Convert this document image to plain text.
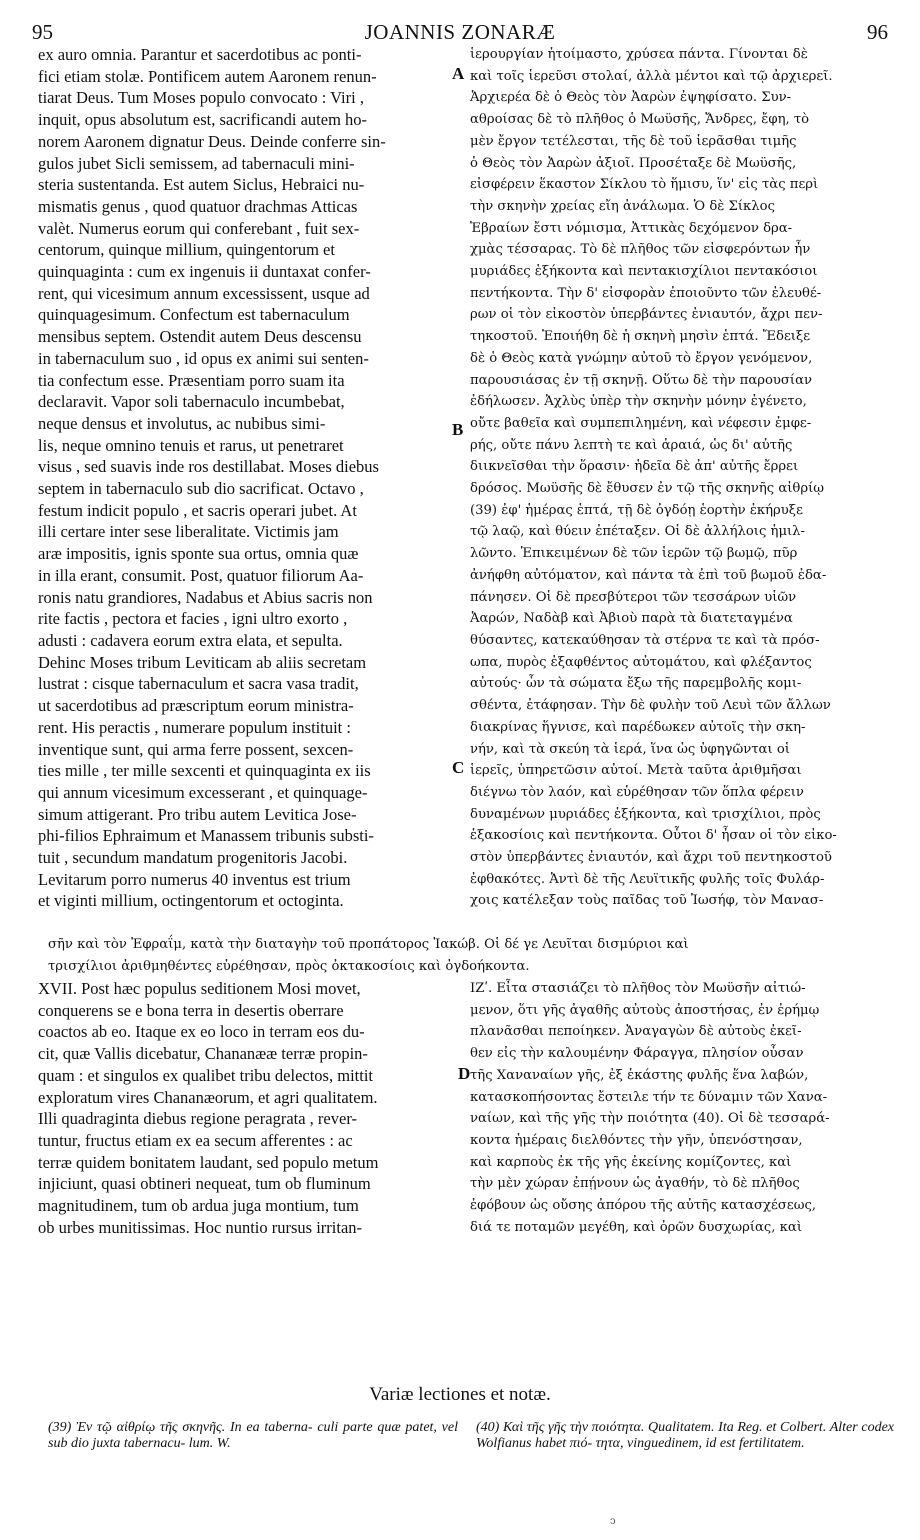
95	JOANNIS ZONARÆ	96

ex auro omnia. Parantur et sacerdotibus ac ponti-

fici etiam stolæ. Pontificem autem Aaronem renun-

tiarat Deus. Tum Moses populo convocato : Viri ,

inquit, opus absolutum est, sacrificandi autem ho-

norem Aaronem dignatur Deus. Deinde conferre sin-

gulos jubet Sicli semissem, ad tabernaculi mini-

steria sustentanda. Est autem Siclus, Hebraici nu-

mismatis genus , quod quatuor drachmas Atticas

valèt. Numerus eorum qui conferebant , fuit sex-

centorum, quinque millium, quingentorum et

quinquaginta : cum ex ingenuis ii duntaxat confer-

rent, qui vicesimum annum excessissent, usque ad

quinquagesimum. Confectum est tabernaculum

mensibus septem. Ostendit autem Deus descensu

in tabernaculum suo , id opus ex animi sui senten-

tia confectum esse. Præsentiam porro suam ita

declaravit. Vapor soli tabernaculo incumbebat,

neque densus et involutus, ac nubibus simi-

lis, neque omnino tenuis et rarus, ut penetraret

visus , sed suavis inde ros destillabat. Moses diebus

septem in tabernaculo sub dio sacrificat. Octavo ,

festum indicit populo , et sacris operari jubet. At

illi certare inter sese liberalitate. Victimis jam

aræ impositis, ignis sponte sua ortus, omnia quæ

in illa erant, consumit. Post, quatuor filiorum Aa-

ronis natu grandiores, Nadabus et Abius sacris non

rite factis , pectora et facies , igni ultro exorto ,

adusti : cadavera eorum extra elata, et sepulta.

Dehinc Moses tribum Leviticam ab aliis secretam

lustrat : cisque tabernaculum et sacra vasa tradit,

ut sacerdotibus ad præscriptum eorum ministra-

rent. His peractis , numerare populum instituit :

inventique sunt, qui arma ferre possent, sexcen-

ties mille , ter mille sexcenti et quinquaginta ex iis

qui annum vicesimum excesserant , et quinquage-

simum attigerant. Pro tribu autem Levitica Jose-

phi-filios Ephraimum et Manassem tribunis substi-

tuit , secundum mandatum progenitoris Jacobi.

Levitarum porro numerus 40 inventus est trium

et viginti millium, octingentorum et octoginta.

ἱερουργίαν ἡτοίμαστο, χρύσεα πάντα. Γίνονται δὲ

καὶ τοῖς ἱερεῦσι στολαί, ἀλλὰ μέντοι καὶ τῷ ἀρχιερεῖ.

Ἀρχιερέα δὲ ὁ Θεὸς τὸν Ἀαρὼν ἐψηφίσατο. Συν-

αθροίσας δὲ τὸ πλῆθος ὁ Μωϋσῆς, Ἄνδρες, ἔφη, τὸ

μὲν ἔργον τετέλεσται, τῆς δὲ τοῦ ἱερᾶσθαι τιμῆς

ὁ Θεὸς τὸν Ἀαρὼν ἀξιοῖ. Προσέταξε δὲ Μωϋσῆς,

εἰσφέρειν ἕκαστον Σίκλου τὸ ἥμισυ, ἵν' εἰς τὰς περὶ

τὴν σκηνὴν χρείας εἴη ἀνάλωμα. Ὁ δὲ Σίκλος

Ἑβραίων ἔστι νόμισμα, Ἀττικὰς δεχόμενον δρα-

χμὰς τέσσαρας. Τὸ δὲ πλῆθος τῶν εἰσφερόντων ἦν

μυριάδες ἑξήκοντα καὶ πεντακισχίλιοι πεντακόσιοι

πεντήκοντα. Τὴν δ' εἰσφορὰν ἐποιοῦντο τῶν ἐλευθέ-

ρων οἱ τὸν εἰκοστὸν ὑπερβάντες ἐνιαυτόν, ἄχρι πεν-

τηκοστοῦ. Ἐποιήθη δὲ ἡ σκηνὴ μησὶν ἑπτά. Ἔδειξε

δὲ ὁ Θεὸς κατὰ γνώμην αὐτοῦ τὸ ἔργον γενόμενον,

παρουσιάσας ἐν τῇ σκηνῇ. Οὕτω δὲ τὴν παρουσίαν

ἐδήλωσεν. Ἀχλὺς ὑπὲρ τὴν σκηνὴν μόνην ἐγένετο,

οὔτε βαθεῖα καὶ συμπεπιλημένη, καὶ νέφεσιν ἐμφε-

ρής, οὔτε πάνυ λεπτὴ τε καὶ ἀραιά, ὡς δι' αὐτῆς

διικνεῖσθαι τὴν ὅρασιν· ἡδεῖα δὲ ἀπ' αὐτῆς ἔρρει

δρόσος. Μωϋσῆς δὲ ἔθυσεν ἐν τῷ τῆς σκηνῆς αἰθρίῳ

(39) ἐφ' ἡμέρας ἑπτά, τῇ δὲ ὀγδόῃ ἑορτὴν ἐκήρυξε

τῷ λαῷ, καὶ θύειν ἐπέταξεν. Οἱ δὲ ἀλλήλοις ἡμιλ-

λῶντο. Ἐπικειμένων δὲ τῶν ἱερῶν τῷ βωμῷ, πῦρ

ἀνήφθη αὐτόματον, καὶ πάντα τὰ ἐπὶ τοῦ βωμοῦ ἐδα-

πάνησεν. Οἱ δὲ πρεσβύτεροι τῶν τεσσάρων υἱῶν

Ἀαρών, Ναδὰβ καὶ Ἀβιοὺ παρὰ τὰ διατεταγμένα

θύσαντες, κατεκαύθησαν τὰ στέρνα τε καὶ τὰ πρόσ-

ωπα, πυρὸς ἐξαφθέντος αὐτομάτου, καὶ φλέξαντος

αὐτούς· ὧν τὰ σώματα ἔξω τῆς παρεμβολῆς κομι-

σθέντα, ἐτάφησαν. Τὴν δὲ φυλὴν τοῦ Λευὶ τῶν ἄλλων

διακρίνας ἥγνισε, καὶ παρέδωκεν αὐτοῖς τὴν σκη-

νήν, καὶ τὰ σκεύη τὰ ἱερά, ἵνα ὡς ὑφηγῶνται οἱ

ἱερεῖς, ὑπηρετῶσιν αὐτοί. Μετὰ ταῦτα ἀριθμῆσαι

διέγνω τὸν λαόν, καὶ εὑρέθησαν τῶν ὅπλα φέρειν

δυναμένων μυριάδες ἑξήκοντα, καὶ τρισχίλιοι, πρὸς

ἑξακοσίοις καὶ πεντήκοντα. Οὗτοι δ' ἦσαν οἱ τὸν εἰκο-

στὸν ὑπερβάντες ἐνιαυτόν, καὶ ἄχρι τοῦ πεντηκοστοῦ

ἐφθακότες. Ἀντὶ δὲ τῆς Λευϊτικῆς φυλῆς τοῖς Φυλάρ-

χοις κατέλεξαν τοὺς παῖδας τοῦ Ἰωσήφ, τὸν Μανασ-

A
B
C
D

σῆν καὶ τὸν Ἐφραΐμ, κατὰ τὴν διαταγὴν τοῦ προπάτορος Ἰακώβ. Οἱ δέ γε Λευῖται δισμύριοι καὶ

τρισχίλιοι ἀριθμηθέντες εὑρέθησαν, πρὸς ὀκτακοσίοις καὶ ὀγδοήκοντα.

XVII. Post hæc populus seditionem Mosi movet,

conquerens se e bona terra in desertis oberrare

coactos ab eo. Itaque ex eo loco in terram eos du-

cit, quæ Vallis dicebatur, Chananææ terræ propin-

quam : et singulos ex qualibet tribu delectos, mittit

exploratum vires Chananæorum, et agri qualitatem.

Illi quadraginta diebus regione peragrata , rever-

tuntur, fructus etiam ex ea secum afferentes : ac

terræ quidem bonitatem laudant, sed populo metum

injiciunt, quasi obtineri nequeat, tum ob fluminum

magnitudinem, tum ob ardua juga montium, tum

ob urbes munitissimas. Hoc nuntio rursus irritan-

ΙΖʹ. Εἶτα στασιάζει τὸ πλῆθος τὸν Μωϋσῆν αἰτιώ-

μενον, ὅτι γῆς ἀγαθῆς αὐτοὺς ἀποστήσας, ἐν ἐρήμῳ

πλανᾶσθαι πεποίηκεν. Ἀναγαγὼν δὲ αὐτοὺς ἐκεῖ-

θεν εἰς τὴν καλουμένην Φάραγγα, πλησίον οὖσαν

τῆς Χαναναίων γῆς, ἐξ ἑκάστης φυλῆς ἕνα λαβών,

κατασκοπήσοντας ἔστειλε τήν τε δύναμιν τῶν Χανα-

ναίων, καὶ τῆς γῆς τὴν ποιότητα (40). Οἱ δὲ τεσσαρά-

κοντα ἡμέραις διελθόντες τὴν γῆν, ὑπενόστησαν,

καὶ καρποὺς ἐκ τῆς γῆς ἐκείνης κομίζοντες, καὶ

τὴν μὲν χώραν ἐπῄνουν ὡς ἀγαθήν, τὸ δὲ πλῆθος

ἐφόβουν ὡς οὔσης ἀπόρου τῆς αὐτῆς κατασχέσεως,

διά τε ποταμῶν μεγέθη, καὶ ὀρῶν δυσχωρίας, καὶ

Variæ lectiones et notæ.
(39) Ἐν τῷ αἰθρίῳ τῆς σκηνῆς. In ea taberna- culi parte quæ patet, vel sub dio juxta tabernacu- lum. W.
(40) Καὶ τῆς γῆς τὴν ποιότητα. Qualitatem. Ita Reg. et Colbert. Alter codex Wolfianus habet πιό- τητα, vinguedinem, id est fertilitatem.
ͻ
